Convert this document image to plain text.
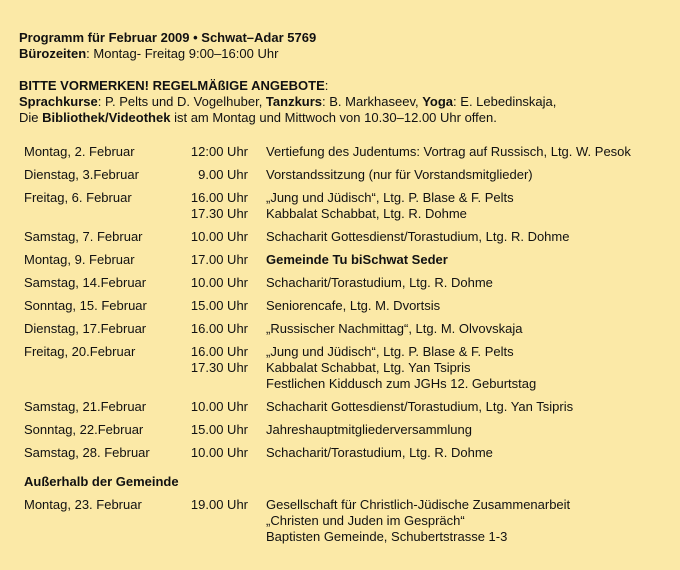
Programm für Februar 2009 • Schwat–Adar 5769

Bürozeiten: Montag- Freitag 9:00–16:00 Uhr

BITTE VORMERKEN! REGELMÄßIGE ANGEBOTE:

Sprachkurse: P. Pelts und D. Vogelhuber, Tanzkurs: B. Markhaseev, Yoga: E. Lebedinskaja,

Die Bibliothek/Videothek ist am Montag und Mittwoch von 10.30–12.00 Uhr offen.

Montag, 2. Februar	12:00 Uhr Vertiefung des Judentums: Vortrag auf Russisch, Ltg. W. Pesok
Dienstag, 3.Februar	9.00 Uhr Vorstandssitzung (nur für Vorstandsmitglieder)
Freitag, 6. Februar	16.00 Uhr
17.30 Uhr
„Jung und Jüdisch“, Ltg. P. Blase & F. Pelts
Kabbalat Schabbat, Ltg. R. Dohme
Samstag, 7. Februar	10.00 Uhr Schacharit Gottesdienst/Torastudium, Ltg. R. Dohme
Montag, 9. Februar	17.00 Uhr Gemeinde Tu biSchwat Seder
Samstag, 14.Februar	10.00 Uhr Schacharit/Torastudium, Ltg. R. Dohme
Sonntag, 15. Februar	15.00 Uhr Seniorencafe, Ltg. M. Dvortsis
Dienstag, 17.Februar	16.00 Uhr „Russischer Nachmittag“, Ltg. M. Olvovskaja
Freitag, 20.Februar	16.00 Uhr
17.30 Uhr
„Jung und Jüdisch“, Ltg. P. Blase & F. Pelts
Kabbalat Schabbat, Ltg. Yan Tsipris
Festlichen Kiddusch zum JGHs 12. Geburtstag
Samstag, 21.Februar	10.00 Uhr Schacharit Gottesdienst/Torastudium, Ltg. Yan Tsipris
Sonntag, 22.Februar	15.00 Uhr Jahreshauptmitgliederversammlung
Samstag, 28. Februar	10.00 Uhr Schacharit/Torastudium, Ltg. R. Dohme
Außerhalb der Gemeinde
Montag, 23. Februar	19.00 Uhr Gesellschaft für Christlich-Jüdische Zusammenarbeit
„Christen und Juden im Gespräch“
Baptisten Gemeinde, Schubertstrasse 1-3
